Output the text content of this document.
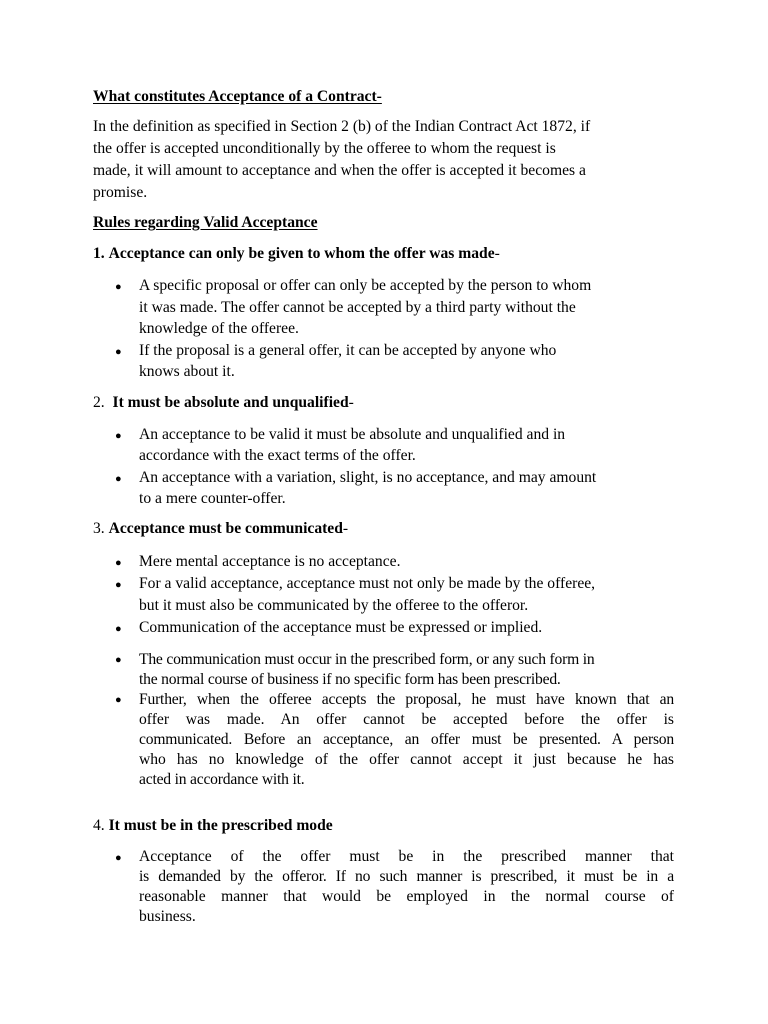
What constitutes Acceptance of a Contract-
In the definition as specified in Section 2 (b) of the Indian Contract Act 1872, if
the offer is accepted unconditionally by the offeree to whom the request is
made, it will amount to acceptance and when the offer is accepted it becomes a
promise.
Rules regarding Valid Acceptance
1. Acceptance can only be given to whom the offer was made-
● A specific proposal or offer can only be accepted by the person to whom
it was made. The offer cannot be accepted by a third party without the
knowledge of the offeree.
● If the proposal is a general offer, it can be accepted by anyone who
knows about it.
2. It must be absolute and unqualified-
● An acceptance to be valid it must be absolute and unqualified and in
accordance with the exact terms of the offer.
● An acceptance with a variation, slight, is no acceptance, and may amount
to a mere counter-offer.
3. Acceptance must be communicated-
● Mere mental acceptance is no acceptance.
● For a valid acceptance, acceptance must not only be made by the offeree,
but it must also be communicated by the offeree to the offeror.
● Communication of the acceptance must be expressed or implied.
● The communication must occur in the prescribed form, or any such form in
the normal course of business if no specific form has been prescribed.
● Further, when the offeree accepts the proposal, he must have known that an
offer was made. An offer cannot be accepted before the offer is
communicated. Before an acceptance, an offer must be presented. A person
who has no knowledge of the offer cannot accept it just because he has
acted in accordance with it.
4. It must be in the prescribed mode
● Acceptance of the offer must be in the prescribed manner that
is demanded by the offeror. If no such manner is prescribed, it must be in a
reasonable manner that would be employed in the normal course of
business.
